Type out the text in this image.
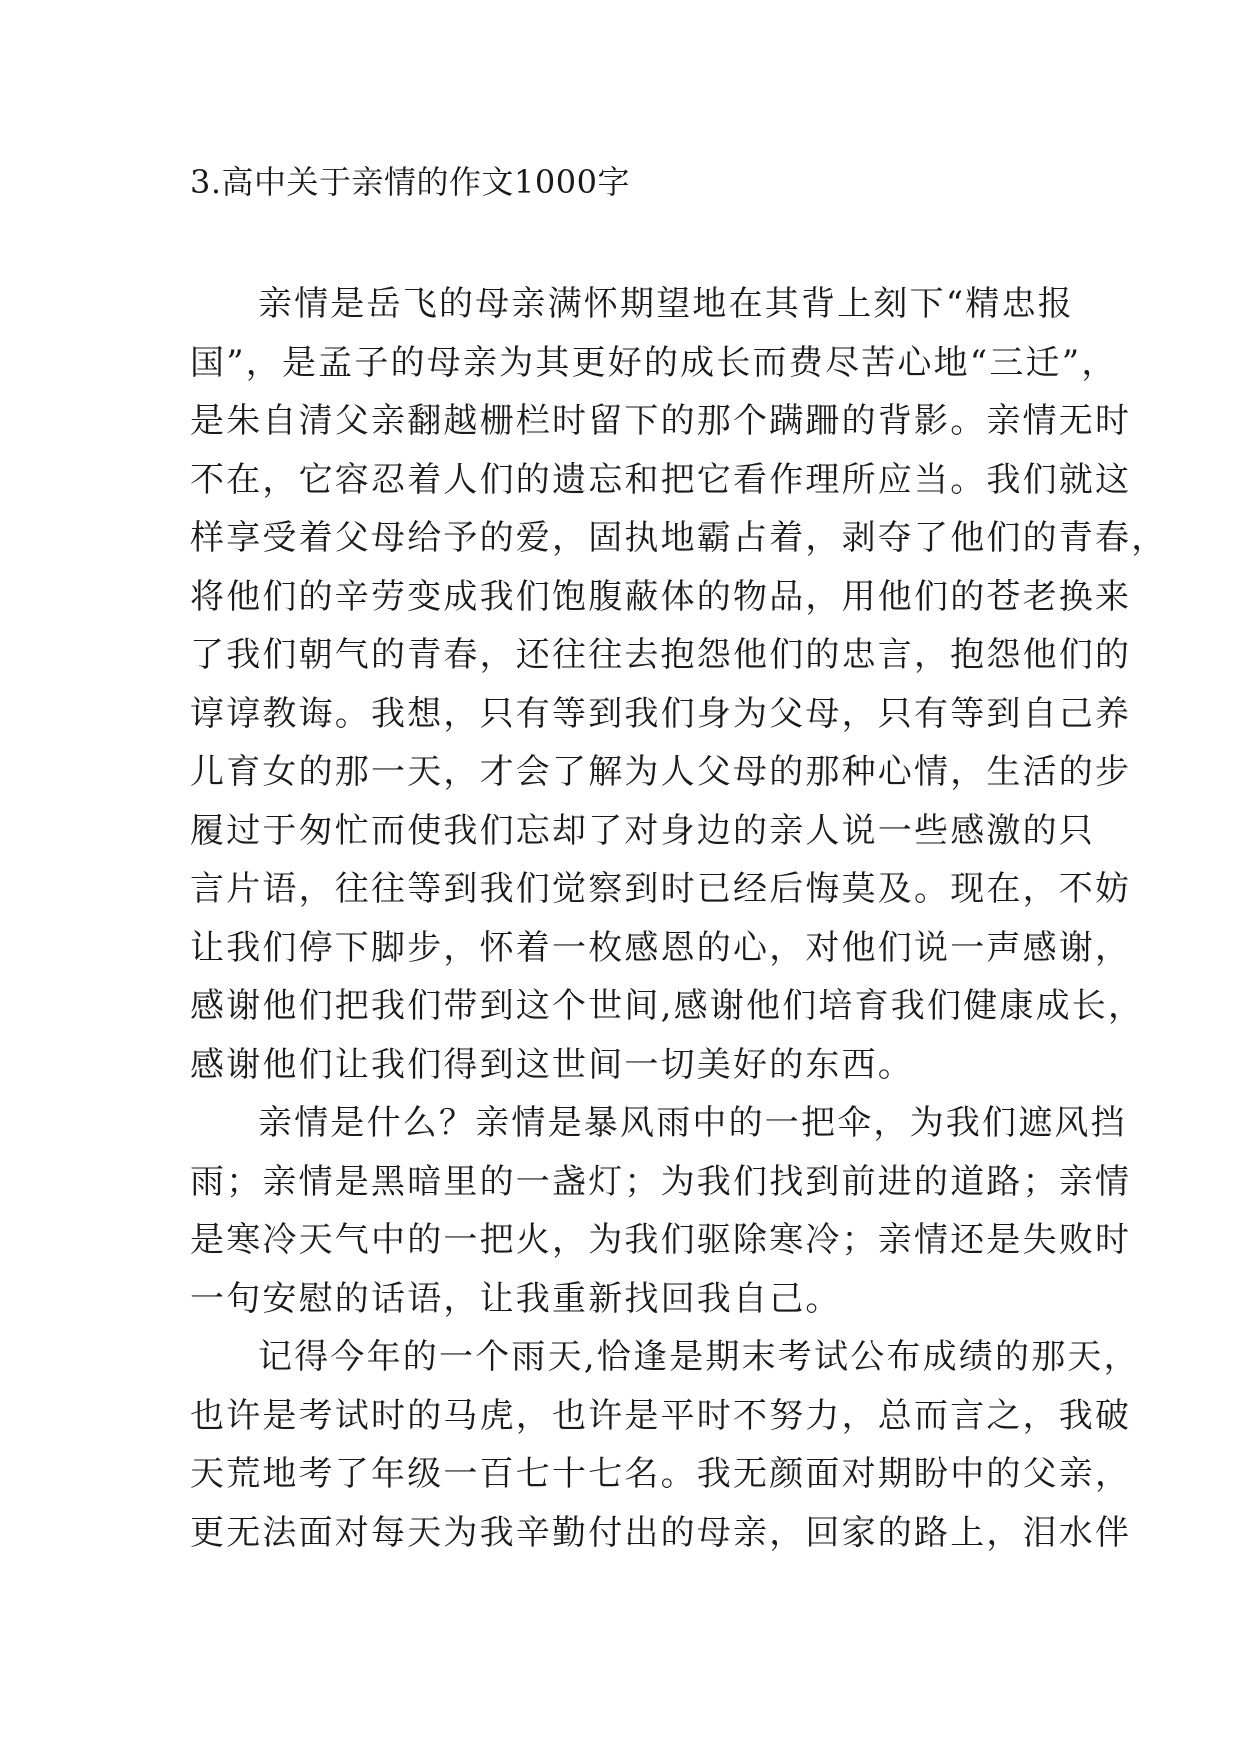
3.高中关于亲情的作文1000字
亲情是岳飞的母亲满怀期望地在其背上刻下“精忠报
国”，是孟子的母亲为其更好的成长而费尽苦心地“三迁”，
是朱自清父亲翻越栅栏时留下的那个蹒跚的背影。亲情无时
不在，它容忍着人们的遗忘和把它看作理所应当。我们就这
样享受着父母给予的爱，固执地霸占着，剥夺了他们的青春，
将他们的辛劳变成我们饱腹蔽体的物品，用他们的苍老换来
了我们朝气的青春，还往往去抱怨他们的忠言，抱怨他们的
谆谆教诲。我想，只有等到我们身为父母，只有等到自己养
儿育女的那一天，才会了解为人父母的那种心情，生活的步
履过于匆忙而使我们忘却了对身边的亲人说一些感激的只
言片语，往往等到我们觉察到时已经后悔莫及。现在，不妨
让我们停下脚步，怀着一枚感恩的心，对他们说一声感谢，
感谢他们把我们带到这个世间,感谢他们培育我们健康成长，
感谢他们让我们得到这世间一切美好的东西。
亲情是什么？亲情是暴风雨中的一把伞，为我们遮风挡
雨；亲情是黑暗里的一盏灯；为我们找到前进的道路；亲情
是寒冷天气中的一把火，为我们驱除寒冷；亲情还是失败时
一句安慰的话语，让我重新找回我自己。
记得今年的一个雨天,恰逢是期末考试公布成绩的那天，
也许是考试时的马虎，也许是平时不努力，总而言之，我破
天荒地考了年级一百七十七名。我无颜面对期盼中的父亲，
更无法面对每天为我辛勤付出的母亲，回家的路上，泪水伴
